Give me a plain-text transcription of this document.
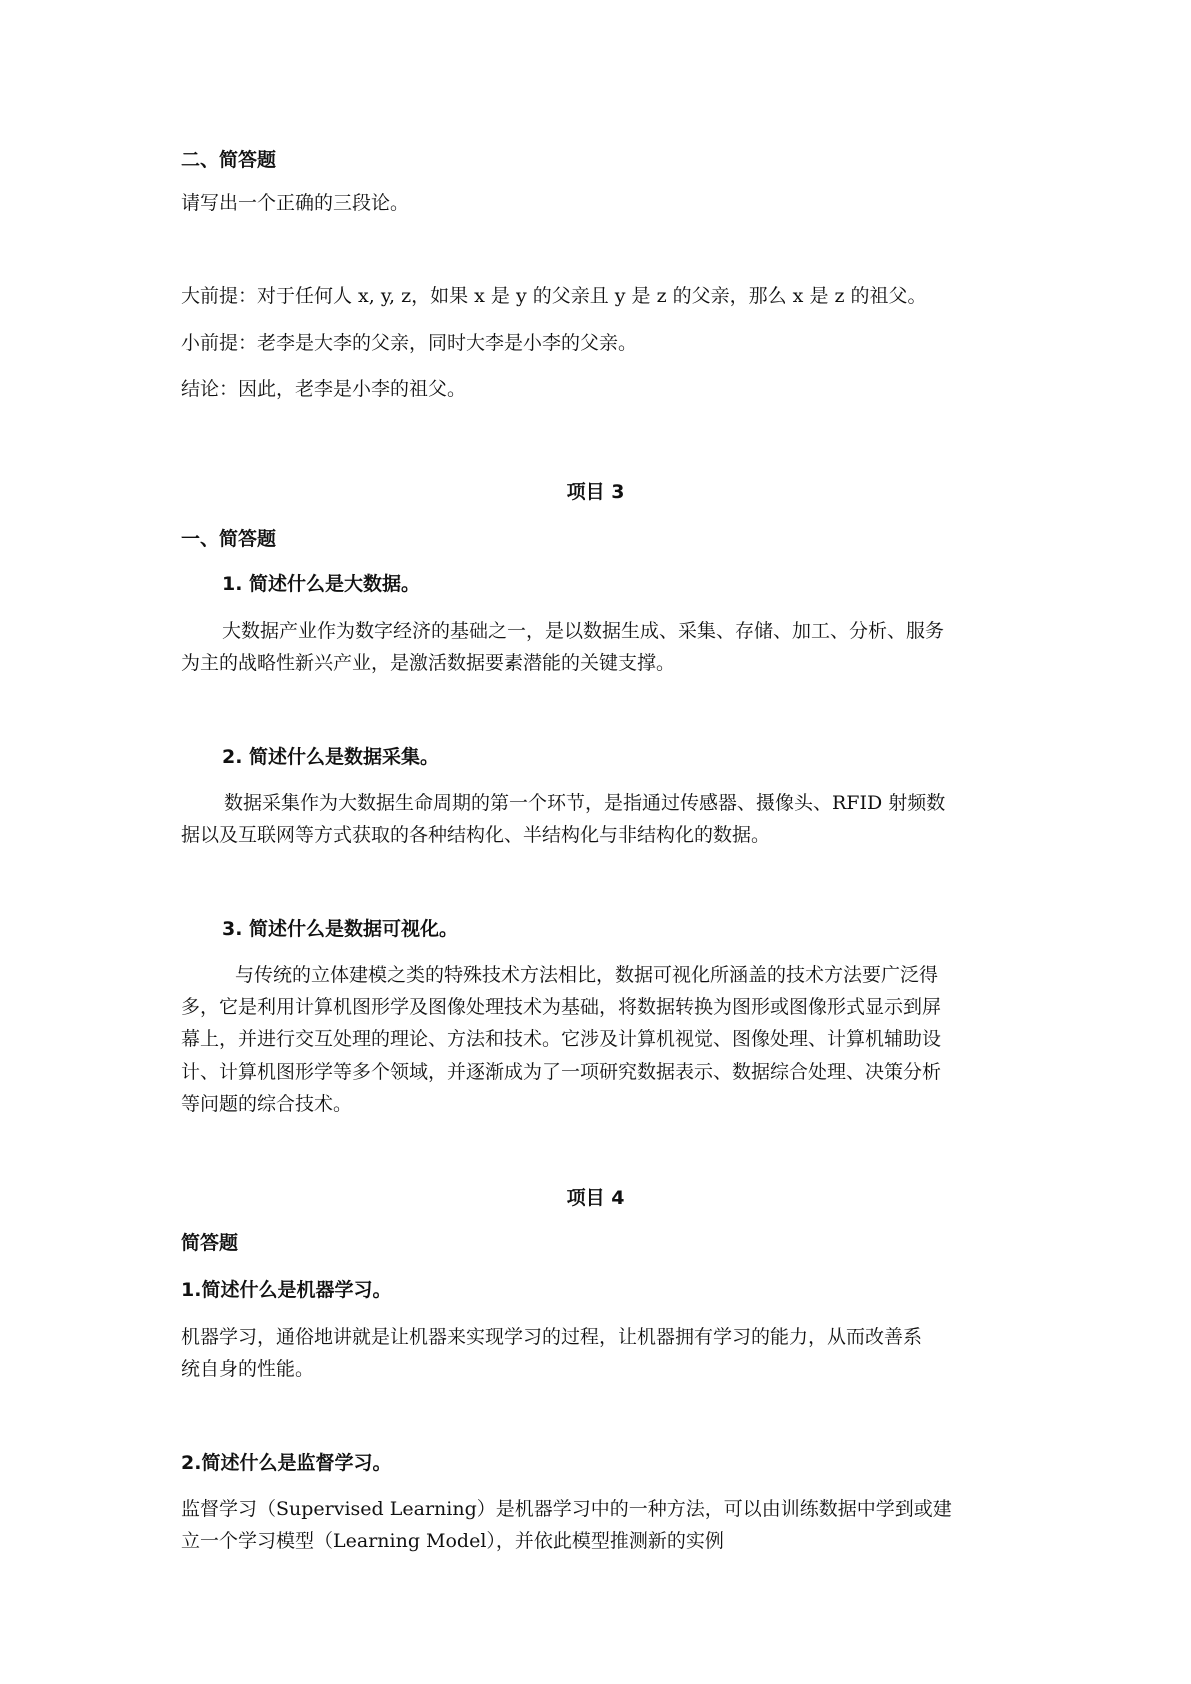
二、简答题
请写出一个正确的三段论。
大前提：对于任何人 x, y, z，如果 x 是 y 的父亲且 y 是 z 的父亲，那么 x 是 z 的祖父。
小前提：老李是大李的父亲，同时大李是小李的父亲。
结论：因此，老李是小李的祖父。
项目 3
一、简答题
1. 简述什么是大数据。
大数据产业作为数字经济的基础之一，是以数据生成、采集、存储、加工、分析、服务
为主的战略性新兴产业，是激活数据要素潜能的关键支撑。
2. 简述什么是数据采集。
数据采集作为大数据生命周期的第一个环节，是指通过传感器、摄像头、RFID 射频数
据以及互联网等方式获取的各种结构化、半结构化与非结构化的数据。
3. 简述什么是数据可视化。
与传统的立体建模之类的特殊技术方法相比，数据可视化所涵盖的技术方法要广泛得
多，它是利用计算机图形学及图像处理技术为基础，将数据转换为图形或图像形式显示到屏
幕上，并进行交互处理的理论、方法和技术。它涉及计算机视觉、图像处理、计算机辅助设
计、计算机图形学等多个领域，并逐渐成为了一项研究数据表示、数据综合处理、决策分析
等问题的综合技术。
项目 4
简答题
1.简述什么是机器学习。
机器学习，通俗地讲就是让机器来实现学习的过程，让机器拥有学习的能力，从而改善系
统自身的性能。
2.简述什么是监督学习。
监督学习（Supervised Learning）是机器学习中的一种方法，可以由训练数据中学到或建
立一个学习模型（Learning Model），并依此模型推测新的实例
